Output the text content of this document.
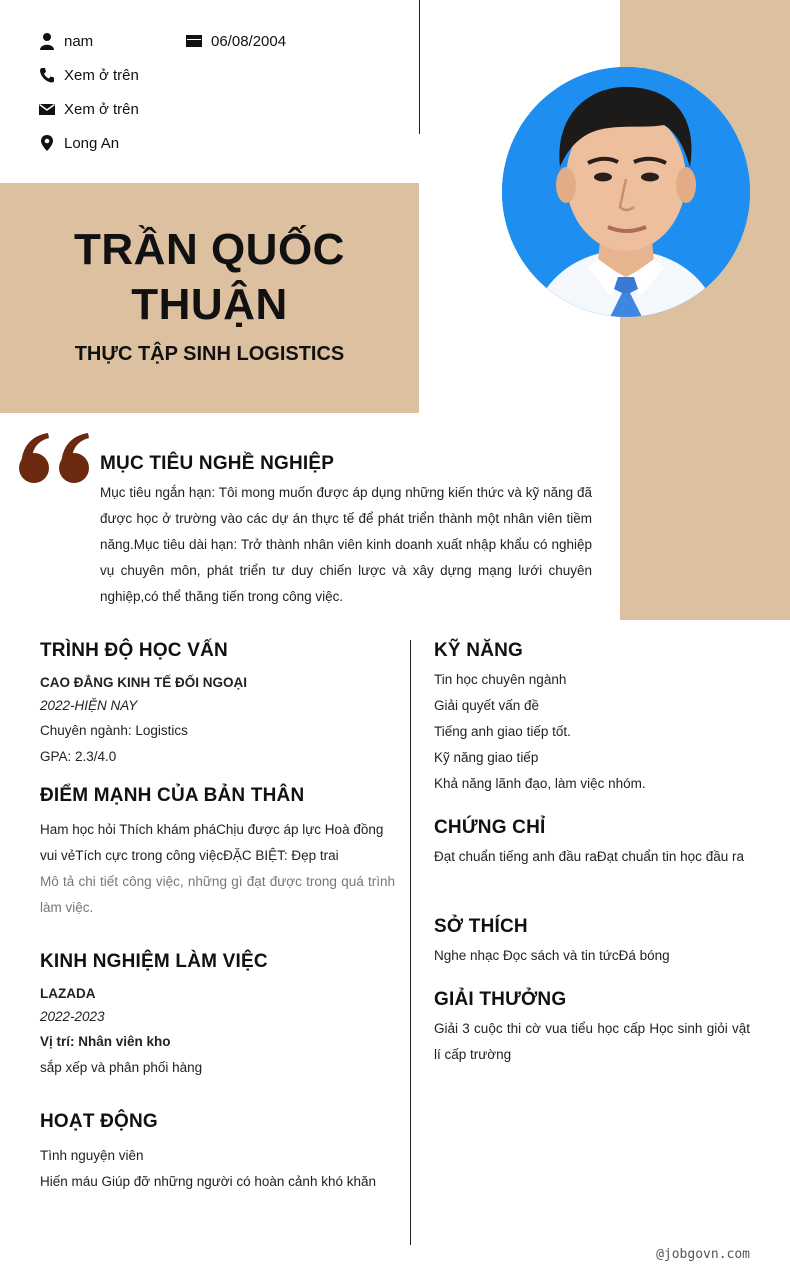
nam	06/08/2004
Xem ở trên
Xem ở trên
Long An
TRẦN QUỐC
THUẬN
THỰC TẬP SINH LOGISTICS
MỤC TIÊU NGHỀ NGHIỆP
Mục tiêu ngắn hạn: Tôi mong muốn được áp dụng những kiến thức và kỹ năng đã được học ở trường vào các dự án thực tế để phát triển thành một nhân viên tiềm năng.Mục tiêu dài hạn: Trở thành nhân viên kinh doanh xuất nhập khẩu có nghiệp vụ chuyên môn, phát triển tư duy chiến lược và xây dựng mạng lưới chuyên nghiệp,có thể thăng tiến trong công việc.
TRÌNH ĐỘ HỌC VẤN
CAO ĐẲNG KINH TẾ ĐỐI NGOẠI
2022-HIỆN NAY
Chuyên ngành: Logistics
GPA: 2.3/4.0
ĐIỂM MẠNH CỦA BẢN THÂN
Ham học hỏi Thích khám pháChịu được áp lực Hoà đồng vui vẻTích cực trong công việcĐẶC BIỆT: Đẹp trai
Mô tả chi tiết công việc, những gì đạt được trong quá trình làm việc.
KINH NGHIỆM LÀM VIỆC
LAZADA
2022-2023
Vị trí: Nhân viên kho
sắp xếp và phân phối hàng
HOẠT ĐỘNG
Tình nguyện viên
Hiến máu Giúp đỡ những người có hoàn cảnh khó khăn
KỸ NĂNG
Tin học chuyên ngành
Giải quyết vấn đề
Tiếng anh giao tiếp tốt.
Kỹ năng giao tiếp
Khả năng lãnh đạo, làm việc nhóm.
CHỨNG CHỈ
Đạt chuẩn tiếng anh đầu raĐạt chuẩn tin học đầu ra
SỞ THÍCH
Nghe nhạc Đọc sách và tin tứcĐá bóng
GIẢI THƯỞNG
Giải 3 cuộc thi cờ vua tiểu học cấp Học sinh giỏi vật lí cấp trường
@jobgovn.com
